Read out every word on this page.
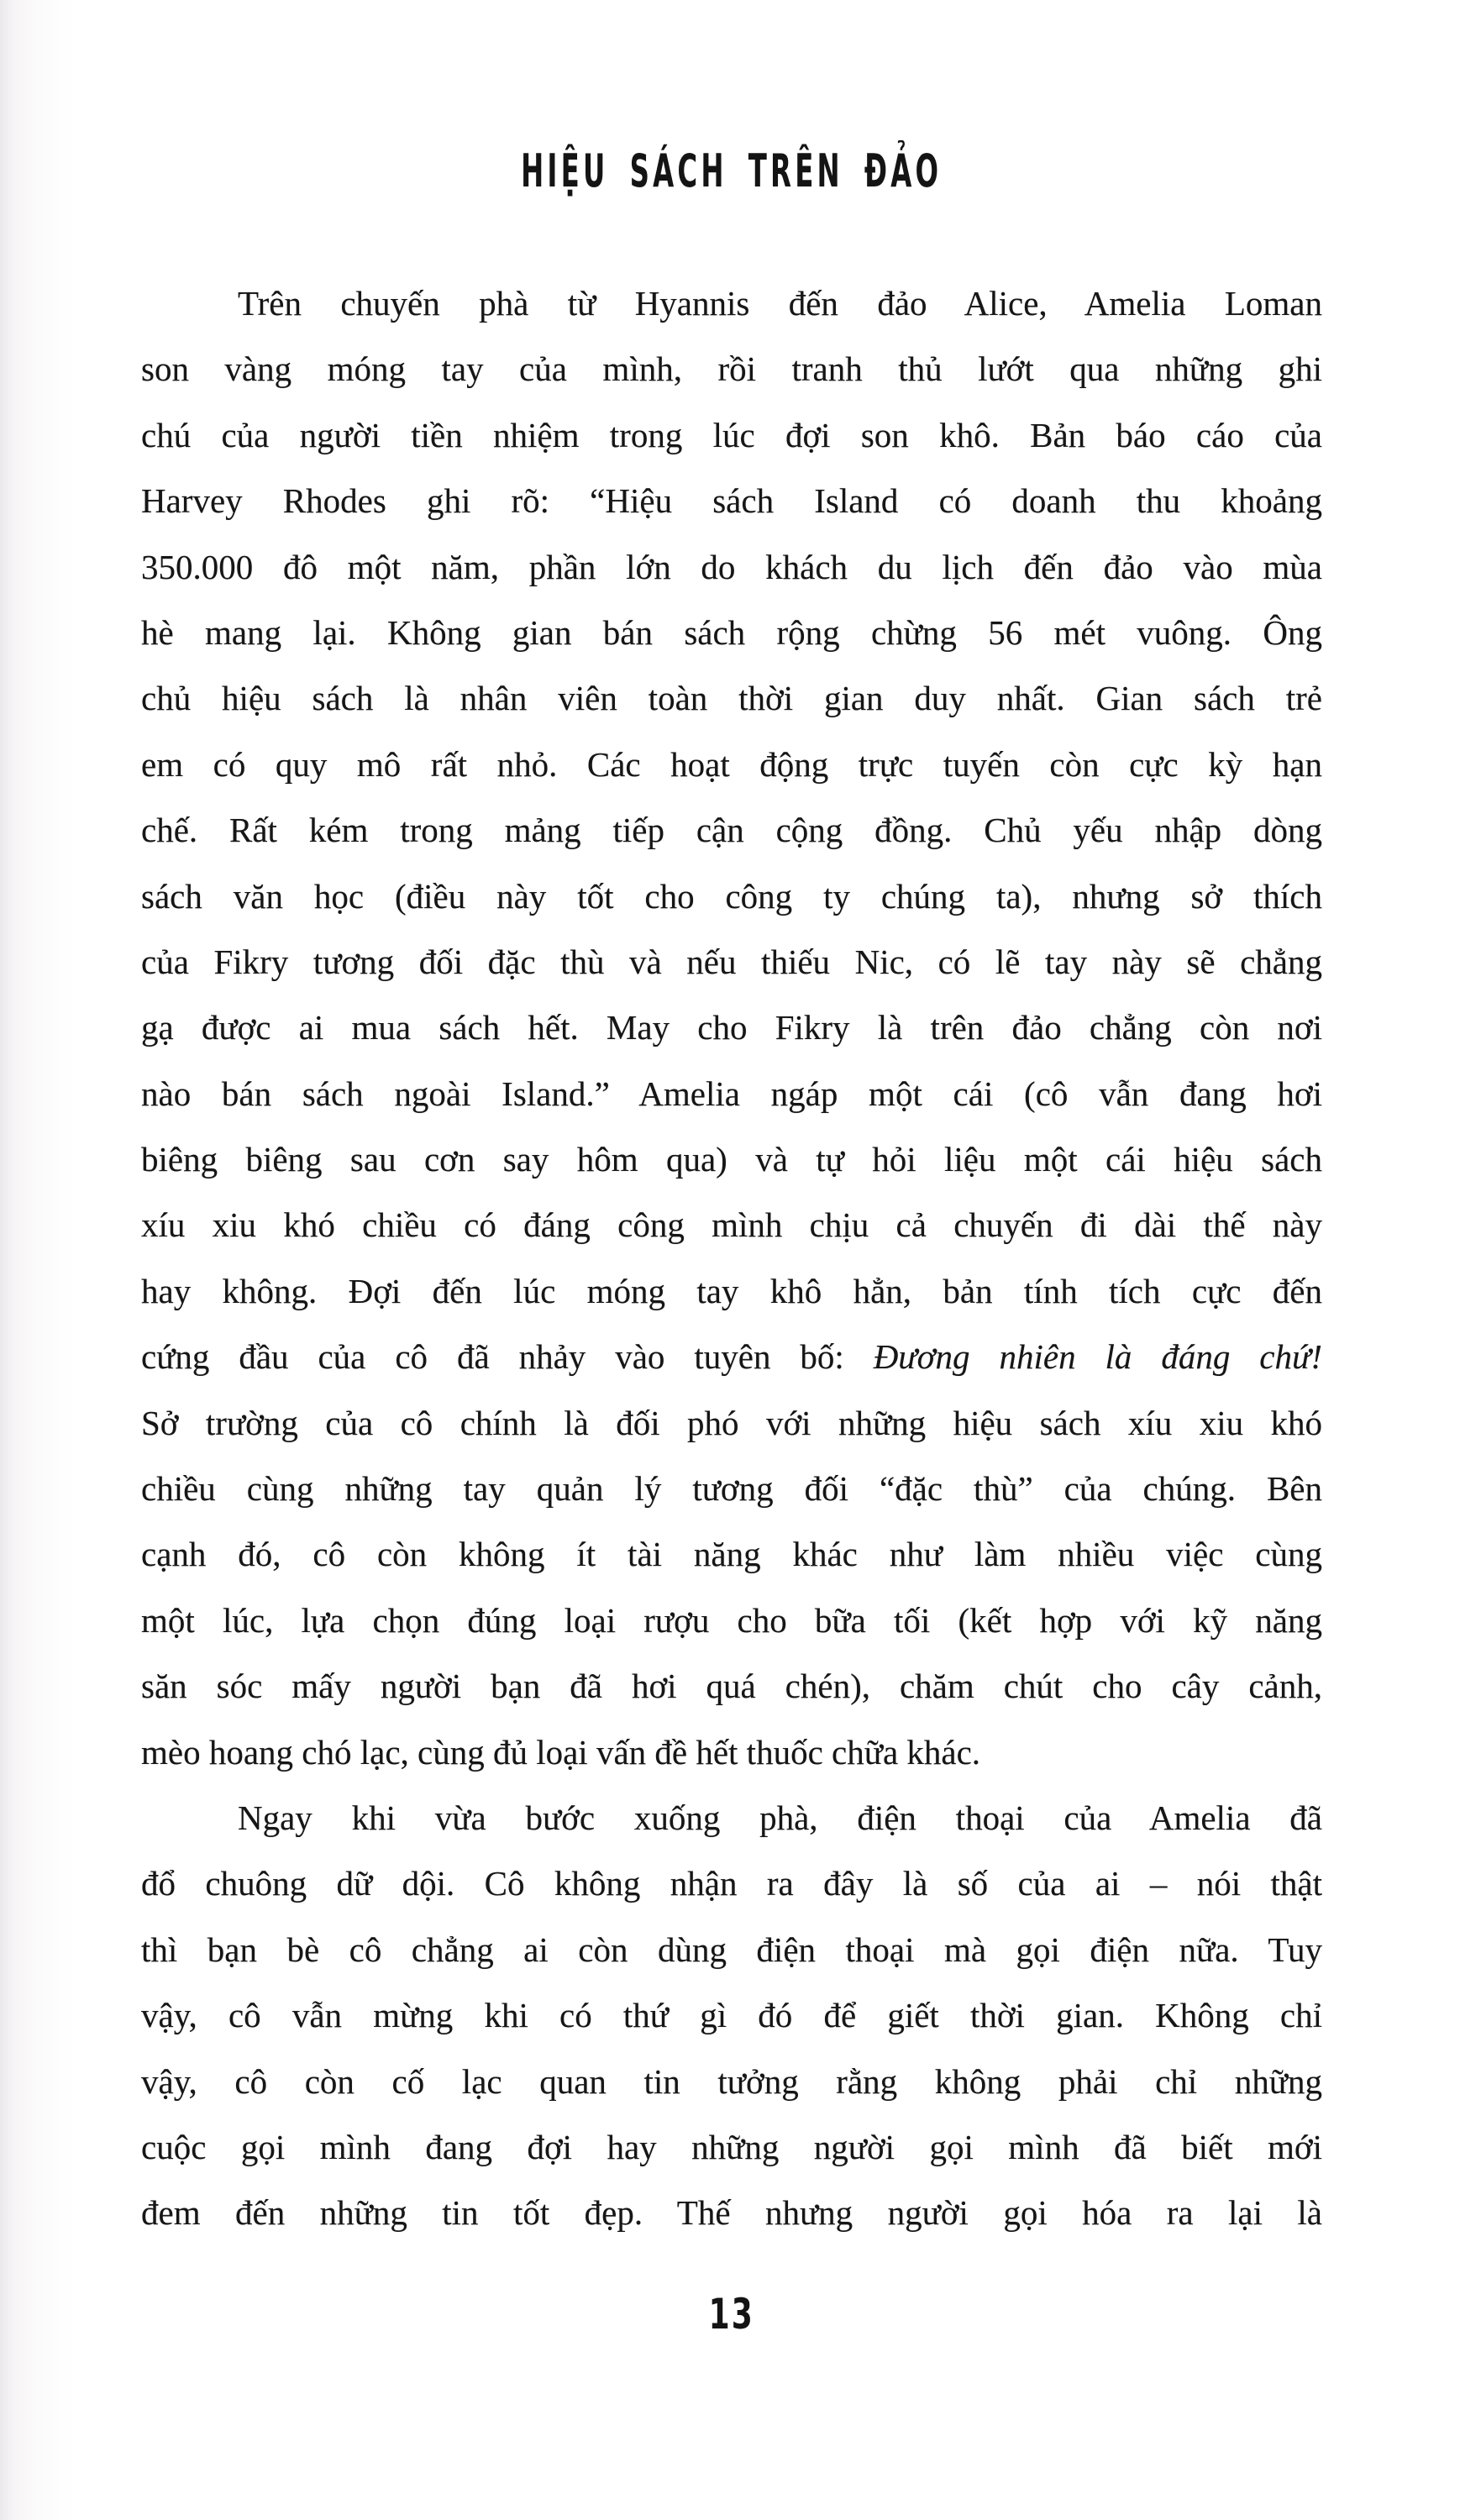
HIỆU SÁCH TRÊN ĐẢO
Trên chuyến phà từ Hyannis đến đảo Alice, Amelia Loman
son vàng móng tay của mình, rồi tranh thủ lướt qua những ghi
chú của người tiền nhiệm trong lúc đợi son khô. Bản báo cáo của
Harvey Rhodes ghi rõ: “Hiệu sách Island có doanh thu khoảng
350.000 đô một năm, phần lớn do khách du lịch đến đảo vào mùa
hè mang lại. Không gian bán sách rộng chừng 56 mét vuông. Ông
chủ hiệu sách là nhân viên toàn thời gian duy nhất. Gian sách trẻ
em có quy mô rất nhỏ. Các hoạt động trực tuyến còn cực kỳ hạn
chế. Rất kém trong mảng tiếp cận cộng đồng. Chủ yếu nhập dòng
sách văn học (điều này tốt cho công ty chúng ta), nhưng sở thích
của Fikry tương đối đặc thù và nếu thiếu Nic, có lẽ tay này sẽ chẳng
gạ được ai mua sách hết. May cho Fikry là trên đảo chẳng còn nơi
nào bán sách ngoài Island.” Amelia ngáp một cái (cô vẫn đang hơi
biêng biêng sau cơn say hôm qua) và tự hỏi liệu một cái hiệu sách
xíu xiu khó chiều có đáng công mình chịu cả chuyến đi dài thế này
hay không. Đợi đến lúc móng tay khô hẳn, bản tính tích cực đến
cứng đầu của cô đã nhảy vào tuyên bố: Đương nhiên là đáng chứ!
Sở trường của cô chính là đối phó với những hiệu sách xíu xiu khó
chiều cùng những tay quản lý tương đối “đặc thù” của chúng. Bên
cạnh đó, cô còn không ít tài năng khác như làm nhiều việc cùng
một lúc, lựa chọn đúng loại rượu cho bữa tối (kết hợp với kỹ năng
săn sóc mấy người bạn đã hơi quá chén), chăm chút cho cây cảnh,
mèo hoang chó lạc, cùng đủ loại vấn đề hết thuốc chữa khác.
Ngay khi vừa bước xuống phà, điện thoại của Amelia đã
đổ chuông dữ dội. Cô không nhận ra đây là số của ai – nói thật
thì bạn bè cô chẳng ai còn dùng điện thoại mà gọi điện nữa. Tuy
vậy, cô vẫn mừng khi có thứ gì đó để giết thời gian. Không chỉ
vậy, cô còn cố lạc quan tin tưởng rằng không phải chỉ những
cuộc gọi mình đang đợi hay những người gọi mình đã biết mới
đem đến những tin tốt đẹp. Thế nhưng người gọi hóa ra lại là
13
